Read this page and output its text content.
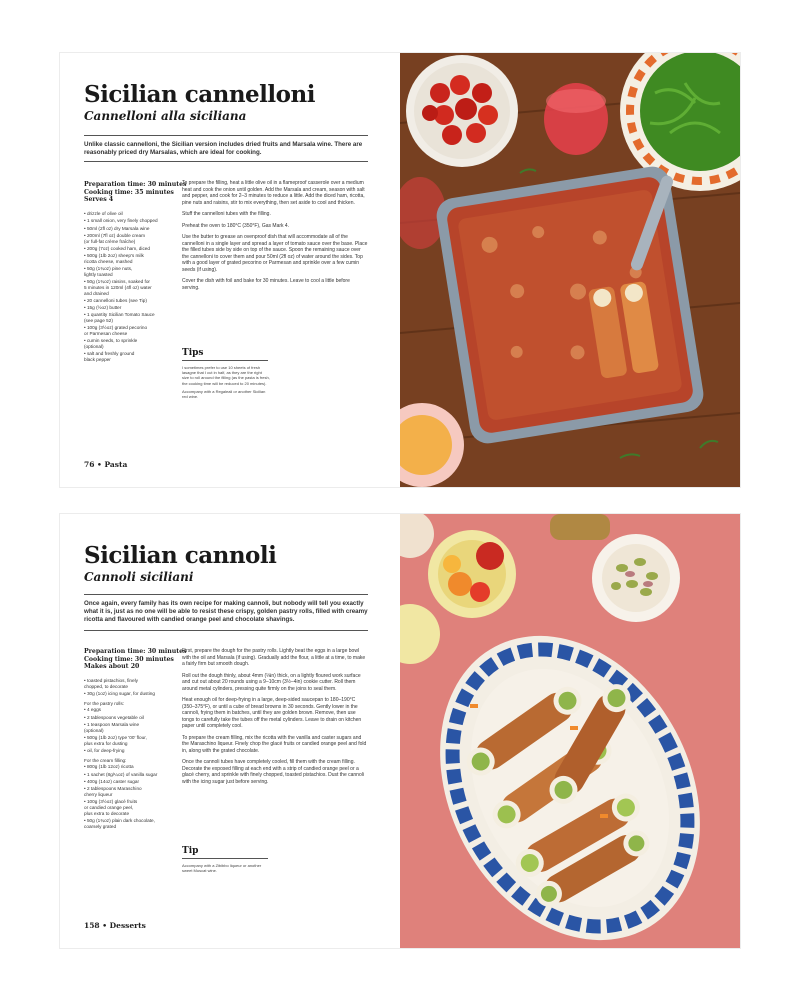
Sicilian cannelloni
Cannelloni alla siciliana

Unlike classic cannelloni, the Sicilian version includes dried fruits and Marsala wine. There are reasonably priced dry Marsalas, which are ideal for cooking.

Preparation time: 30 minutes
Cooking time: 35 minutes
Serves 4
• drizzle of olive oil
• 1 small onion, very finely chopped
• 50ml (2fl oz) dry Marsala wine
• 200ml (7fl oz) double cream
(or full-fat crème fraîche)
• 200g (7oz) cooked ham, diced
• 500g (1lb 2oz) sheep's milk
ricotta cheese, mashed
• 50g (1¾oz) pine nuts,
lightly toasted
• 50g (1¾oz) raisins, soaked for
5 minutes in 120ml (4fl oz) water
and drained
• 20 cannelloni tubes (see Tip)
• 15g (½oz) butter
• 1 quantity Sicilian Tomato Sauce
(see page 52)
• 100g (3½oz) grated pecorino
or Parmesan cheese
• cumin seeds, to sprinkle
(optional)
• salt and freshly ground
black pepper

To prepare the filling, heat a little olive oil in a flameproof casserole over a medium heat and cook the onion until golden. Add the Marsala and cream, season with salt and pepper, and cook for 2–3 minutes to reduce a little. Add the diced ham, ricotta, pine nuts and raisins, stir to mix everything, then set aside to cool and thicken.

Stuff the cannelloni tubes with the filling.

Preheat the oven to 180°C (350°F), Gas Mark 4.

Use the butter to grease an ovenproof dish that will accommodate all of the cannelloni in a single layer and spread a layer of tomato sauce over the base. Place the filled tubes side by side on top of the sauce. Spoon the remaining sauce over the cannelloni to cover them and pour 50ml (2fl oz) of water around the sides. Top with a good layer of grated pecorino or Parmesan and sprinkle over a few cumin seeds (if using).

Cover the dish with foil and bake for 30 minutes. Leave to cool a little before serving.

Tips

I sometimes prefer to use 10 sheets of fresh lasagne that I cut in half, as they are the right size to roll around the filling (as the pasta is fresh, the cooking time will be reduced to 20 minutes).

Accompany with a Regaleali or another Sicilian red wine.

76 • Pasta
Sicilian cannoli
Cannoli siciliani

Once again, every family has its own recipe for making cannoli, but nobody will tell you exactly what it is, just as no one will be able to resist these crispy, golden pastry rolls, filled with creamy ricotta and flavoured with candied orange peel and chocolate shavings.

Preparation time: 30 minutes
Cooking time: 30 minutes
Makes about 20
• toasted pistachios, finely
chopped, to decorate
• 30g (1oz) icing sugar, for dusting
For the pastry rolls:
• 4 eggs
• 2 tablespoons vegetable oil
• 1 teaspoon Marsala wine
(optional)
• 500g (1lb 2oz) type '00' flour,
plus extra for dusting
• oil, for deep-frying
For the cream filling:
• 800g (1lb 12oz) ricotta
• 1 sachet (8g/¼oz) of vanilla sugar
• 400g (14oz) caster sugar
• 2 tablespoons Maraschino
cherry liqueur
• 100g (3½oz) glacé fruits
or candied orange peel,
plus extra to decorate
• 50g (1¾oz) plain dark chocolate,
coarsely grated

First, prepare the dough for the pastry rolls. Lightly beat the eggs in a large bowl with the oil and Marsala (if using). Gradually add the flour, a little at a time, to make a fairly firm but smooth dough.

Roll out the dough thinly, about 4mm (⅛in) thick, on a lightly floured work surface and cut out about 20 rounds using a 9–10cm (3½–4in) cookie cutter. Roll them around metal cylinders, pressing quite firmly on the joins to seal them.

Heat enough oil for deep-frying in a large, deep-sided saucepan to 180–190°C (350–375°F), or until a cube of bread browns in 30 seconds. Gently lower in the cannoli, frying them in batches, until they are golden brown. Remove, then use tongs to carefully take the tubes off the metal cylinders. Leave to drain on kitchen paper until completely cool.

To prepare the cream filling, mix the ricotta with the vanilla and caster sugars and the Maraschino liqueur. Finely chop the glacé fruits or candied orange peel and fold in, along with the grated chocolate.

Once the cannoli tubes have completely cooled, fill them with the cream filling. Decorate the exposed filling at each end with a strip of candied orange peel or a glacé cherry, and sprinkle with finely chopped, toasted pistachios. Dust the cannoli with the icing sugar just before serving.

Tip

Accompany with a Zibibbo liqueur or another sweet Muscat wine.

158 • Desserts
